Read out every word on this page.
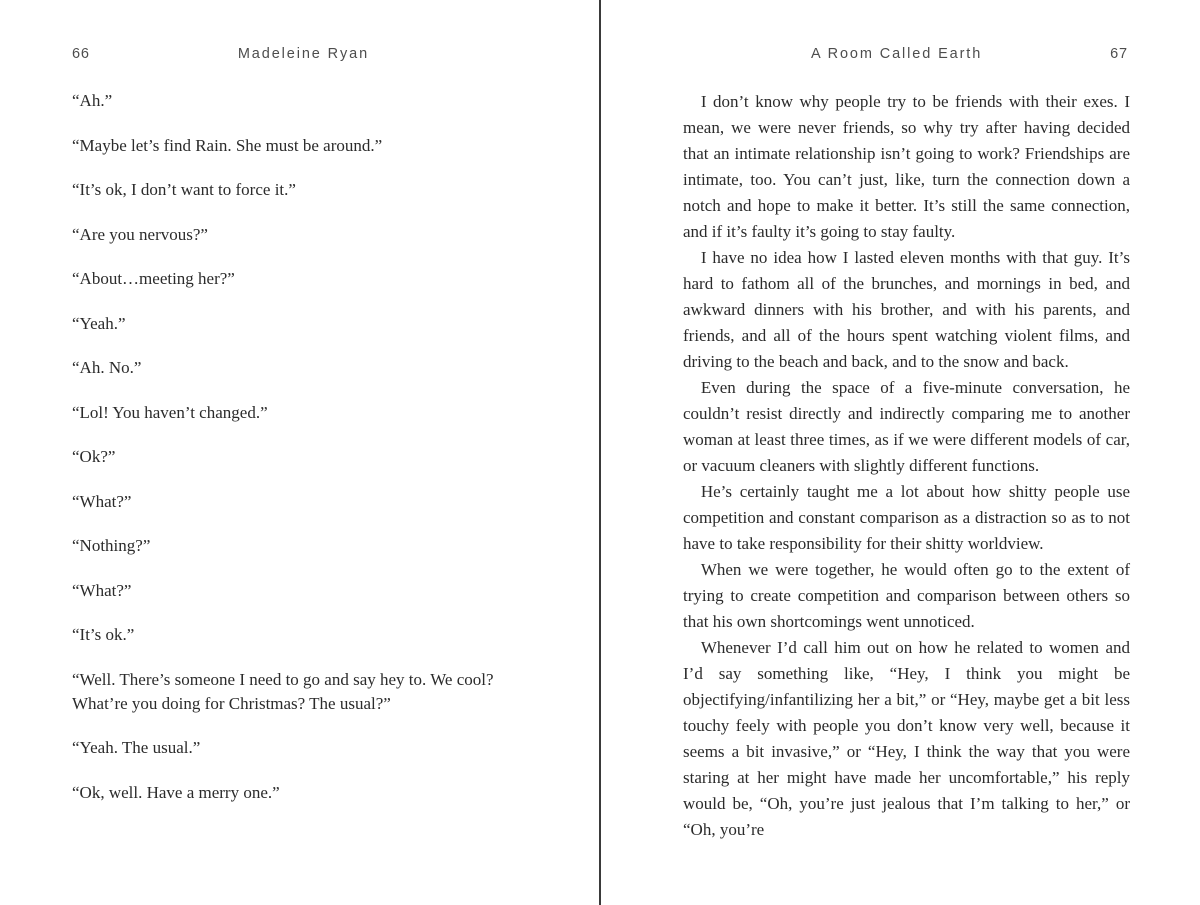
66	Madeleine Ryan

“Ah.”

“Maybe let’s find Rain. She must be around.”

“It’s ok, I don’t want to force it.”

“Are you nervous?”

“About…meeting her?”

“Yeah.”

“Ah. No.”

“Lol! You haven’t changed.”

“Ok?”

“What?”

“Nothing?”

“What?”

“It’s ok.”

“Well. There’s someone I need to go and say hey to. We cool? What’re you doing for Christmas? The usual?”

“Yeah. The usual.”

“Ok, well. Have a merry one.”

A Room Called Earth	67

I don’t know why people try to be friends with their exes. I mean, we were never friends, so why try after having decided that an intimate relationship isn’t going to work? Friendships are intimate, too. You can’t just, like, turn the connection down a notch and hope to make it better. It’s still the same connection, and if it’s faulty it’s going to stay faulty.

I have no idea how I lasted eleven months with that guy. It’s hard to fathom all of the brunches, and mornings in bed, and awkward dinners with his brother, and with his parents, and friends, and all of the hours spent watching violent films, and driving to the beach and back, and to the snow and back.

Even during the space of a five-minute conversation, he couldn’t resist directly and indirectly comparing me to another woman at least three times, as if we were different models of car, or vacuum cleaners with slightly different functions.

He’s certainly taught me a lot about how shitty people use competition and constant comparison as a distraction so as to not have to take responsibility for their shitty worldview.

When we were together, he would often go to the extent of trying to create competition and comparison between others so that his own shortcomings went unnoticed.

Whenever I’d call him out on how he related to women and I’d say something like, “Hey, I think you might be objectifying/infantilizing her a bit,” or “Hey, maybe get a bit less touchy feely with people you don’t know very well, because it seems a bit invasive,” or “Hey, I think the way that you were staring at her might have made her uncomfortable,” his reply would be, “Oh, you’re just jealous that I’m talking to her,” or “Oh, you’re
